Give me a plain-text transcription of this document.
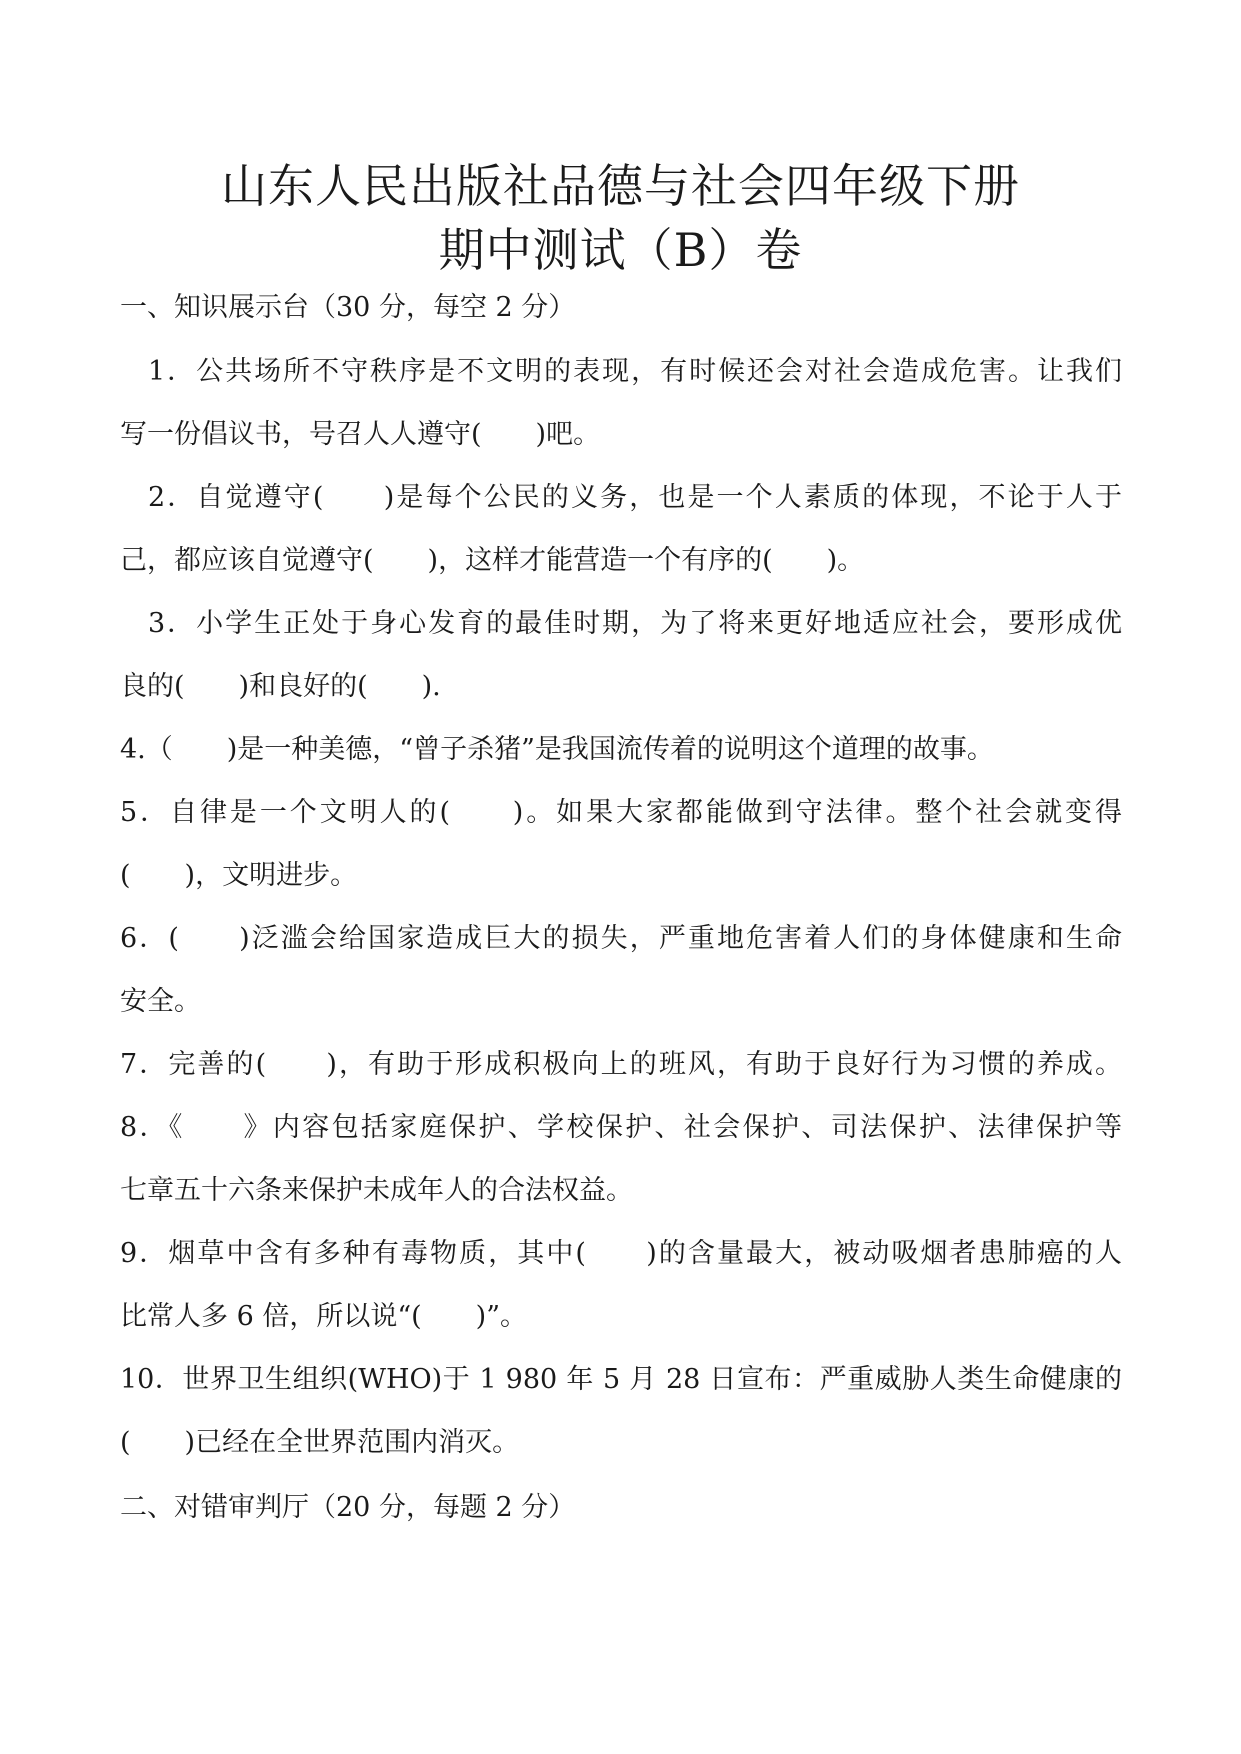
山东人民出版社品德与社会四年级下册
期中测试（B）卷
一、知识展示台（30 分，每空 2 分）
1．公共场所不守秩序是不文明的表现，有时候还会对社会造成危害。让我们
写一份倡议书，号召人人遵守(　　)吧。
2．自觉遵守(　　)是每个公民的义务，也是一个人素质的体现，不论于人于
己，都应该自觉遵守(　　)，这样才能营造一个有序的(　　)。
3．小学生正处于身心发育的最佳时期，为了将来更好地适应社会，要形成优
良的(　　)和良好的(　　).
4.（　　)是一种美德，“曾子杀猪”是我国流传着的说明这个道理的故事。
5．自律是一个文明人的(　　)。如果大家都能做到守法律。整个社会就变得
(　　)，文明进步。
6．(　　)泛滥会给国家造成巨大的损失，严重地危害着人们的身体健康和生命
安全。
7．完善的(　　)，有助于形成积极向上的班风，有助于良好行为习惯的养成。
8．《　　》内容包括家庭保护、学校保护、社会保护、司法保护、法律保护等
七章五十六条来保护未成年人的合法权益。
9．烟草中含有多种有毒物质，其中(　　)的含量最大，被动吸烟者患肺癌的人
比常人多 6 倍，所以说“(　　)”。
10．世界卫生组织(WHO)于 1 980 年 5 月 28 日宣布：严重威胁人类生命健康的
(　　)已经在全世界范围内消灭。
二、对错审判厅（20 分，每题 2 分）
